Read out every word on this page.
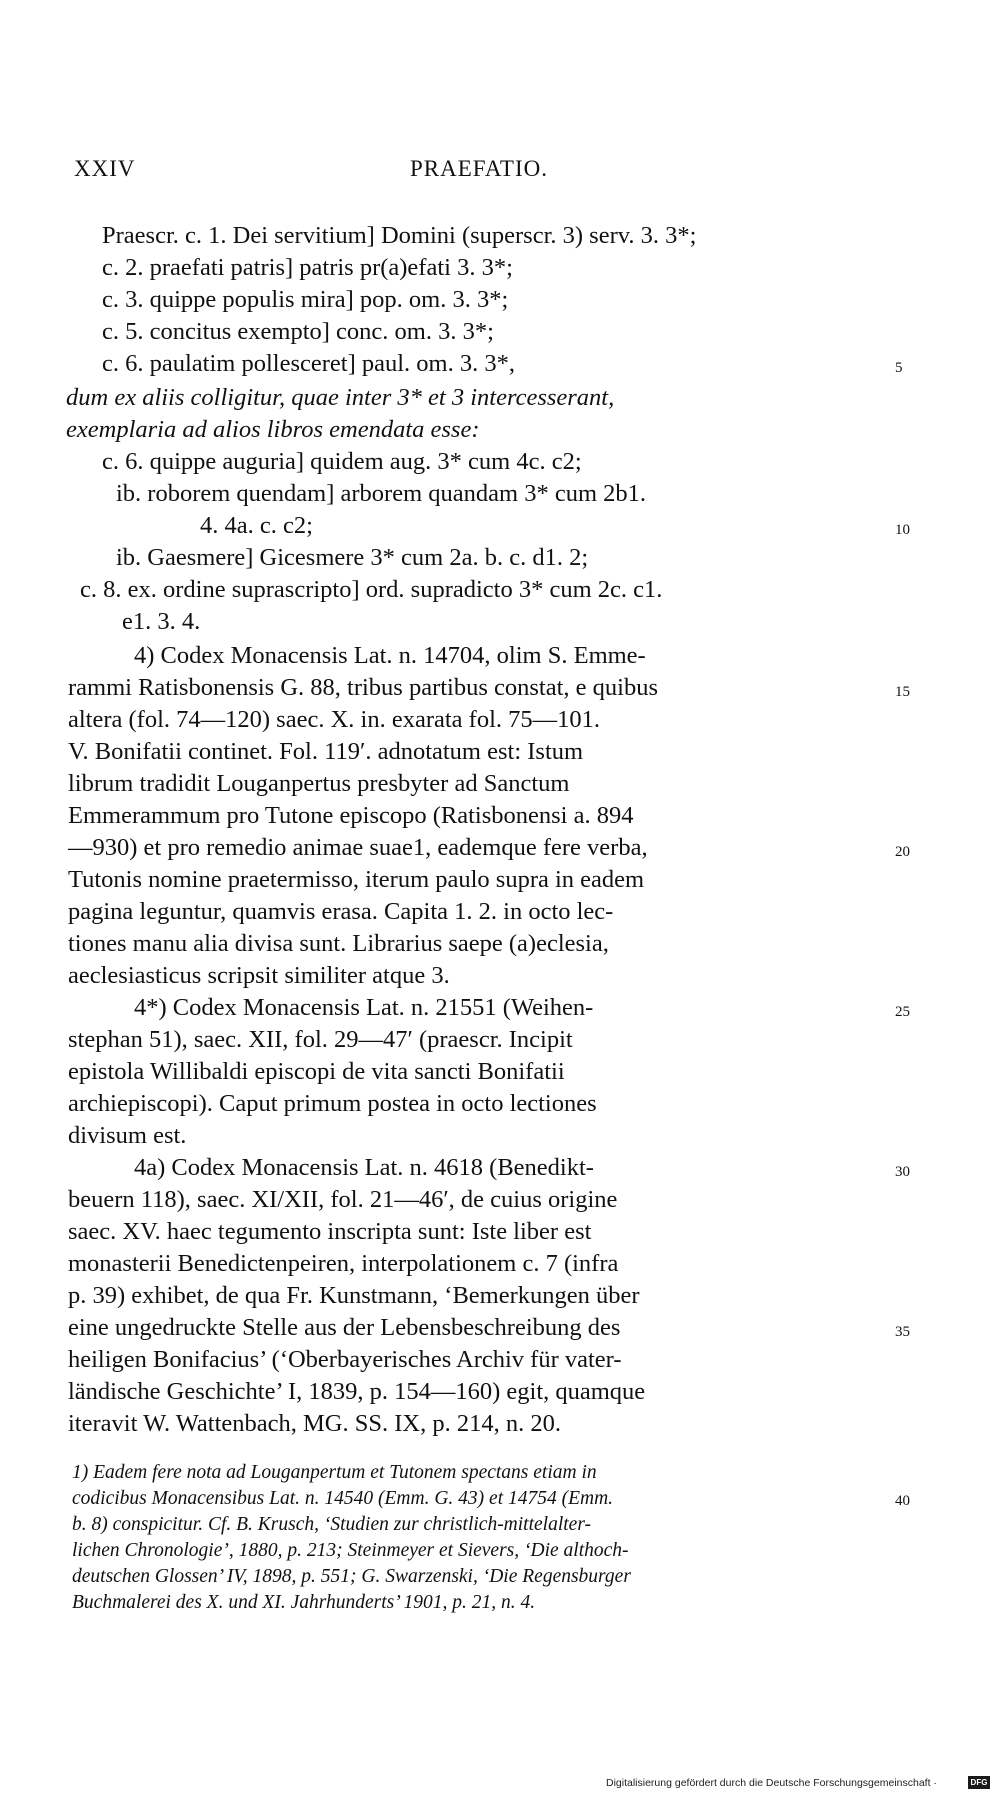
XXIV	PRAEFATIO.
Praescr. c. 1. Dei servitium] Domini (superscr. 3) serv. 3. 3*;
c. 2. praefati patris] patris pr(a)efati 3. 3*;
c. 3. quippe populis mira] pop. om. 3. 3*;
c. 5. concitus exempto] conc. om. 3. 3*;
c. 6. paulatim pollesceret] paul. om. 3. 3*,	5
dum ex aliis colligitur, quae inter 3* et 3 intercesserant,
exemplaria ad alios libros emendata esse:
c. 6. quippe auguria] quidem aug. 3* cum 4c. c2;
ib. roborem quendam] arborem quandam 3* cum 2b1.
4. 4a. c. c2;	10
ib. Gaesmere] Gicesmere 3* cum 2a. b. c. d1. 2;
c. 8. ex. ordine suprascripto] ord. supradicto 3* cum 2c. c1.
e1. 3. 4.
4) Codex Monacensis Lat. n. 14704, olim S. Emme-
rammi Ratisbonensis G. 88, tribus partibus constat, e quibus	15
altera (fol. 74—120) saec. X. in. exarata fol. 75—101.
V. Bonifatii continet. Fol. 119′. adnotatum est: Istum
librum tradidit Louganpertus presbyter ad Sanctum
Emmerammum pro Tutone episcopo (Ratisbonensi a. 894
—930) et pro remedio animae suae1, eademque fere verba,	20
Tutonis nomine praetermisso, iterum paulo supra in eadem
pagina leguntur, quamvis erasa. Capita 1. 2. in octo lec-
tiones manu alia divisa sunt. Librarius saepe (a)eclesia,
aeclesiasticus scripsit similiter atque 3.
4*) Codex Monacensis Lat. n. 21551 (Weihen-	25
stephan 51), saec. XII, fol. 29—47′ (praescr. Incipit
epistola Willibaldi episcopi de vita sancti Bonifatii
archiepiscopi). Caput primum postea in octo lectiones
divisum est.
4a) Codex Monacensis Lat. n. 4618 (Benedikt-	30
beuern 118), saec. XI/XII, fol. 21—46′, de cuius origine
saec. XV. haec tegumento inscripta sunt: Iste liber est
monasterii Benedictenpeiren, interpolationem c. 7 (infra
p. 39) exhibet, de qua Fr. Kunstmann, ‘Bemerkungen über
eine ungedruckte Stelle aus der Lebensbeschreibung des	35
heiligen Bonifacius’ (‘Oberbayerisches Archiv für vater-
ländische Geschichte’ I, 1839, p. 154—160) egit, quamque
iteravit W. Wattenbach, MG. SS. IX, p. 214, n. 20.
1) Eadem fere nota ad Louganpertum et Tutonem spectans etiam in
codicibus Monacensibus Lat. n. 14540 (Emm. G. 43) et 14754 (Emm.	40
b. 8) conspicitur. Cf. B. Krusch, ‘Studien zur christlich-mittelalter-
lichen Chronologie’, 1880, p. 213; Steinmeyer et Sievers, ‘Die althoch-
deutschen Glossen’ IV, 1898, p. 551; G. Swarzenski, ‘Die Regensburger
Buchmalerei des X. und XI. Jahrhunderts’ 1901, p. 21, n. 4.
Digitalisierung gefördert durch die Deutsche Forschungsgemeinschaft ·	DFG
